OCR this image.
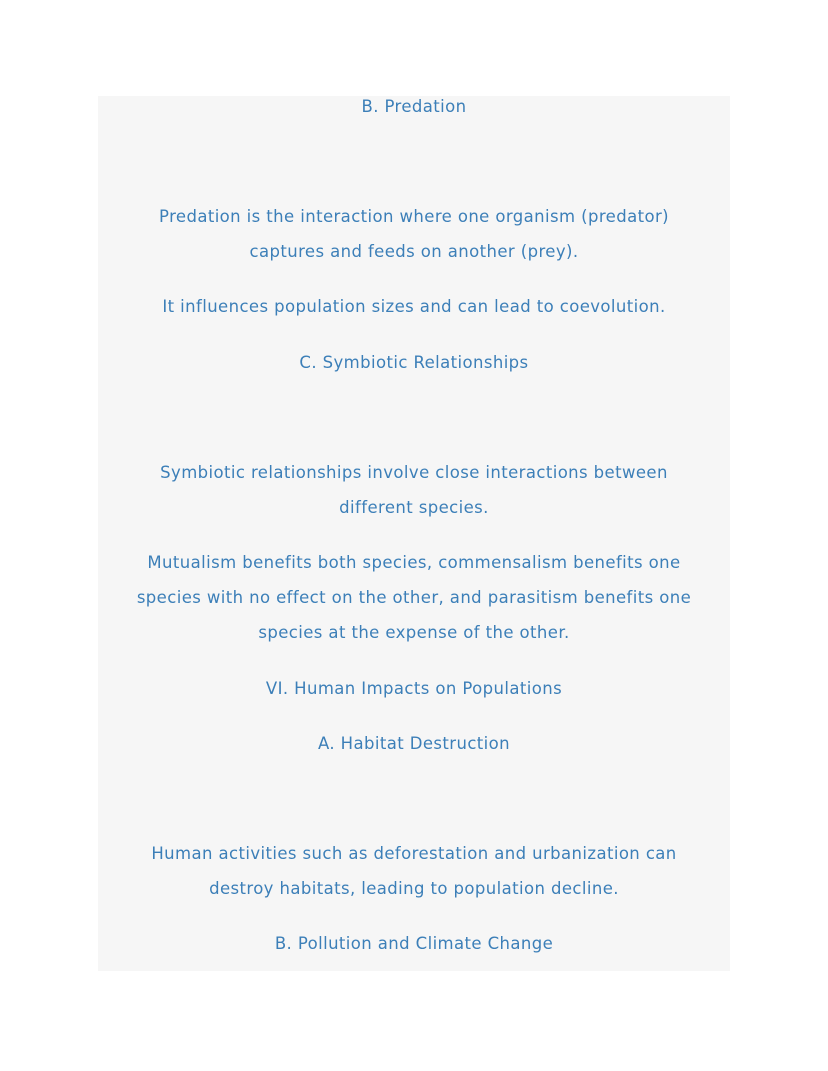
B. Predation
Predation is the interaction where one organism (predator)
captures and feeds on another (prey).
It influences population sizes and can lead to coevolution.
C. Symbiotic Relationships
Symbiotic relationships involve close interactions between
different species.
Mutualism benefits both species, commensalism benefits one
species with no effect on the other, and parasitism benefits one
species at the expense of the other.
VI. Human Impacts on Populations
A. Habitat Destruction
Human activities such as deforestation and urbanization can
destroy habitats, leading to population decline.
B. Pollution and Climate Change
